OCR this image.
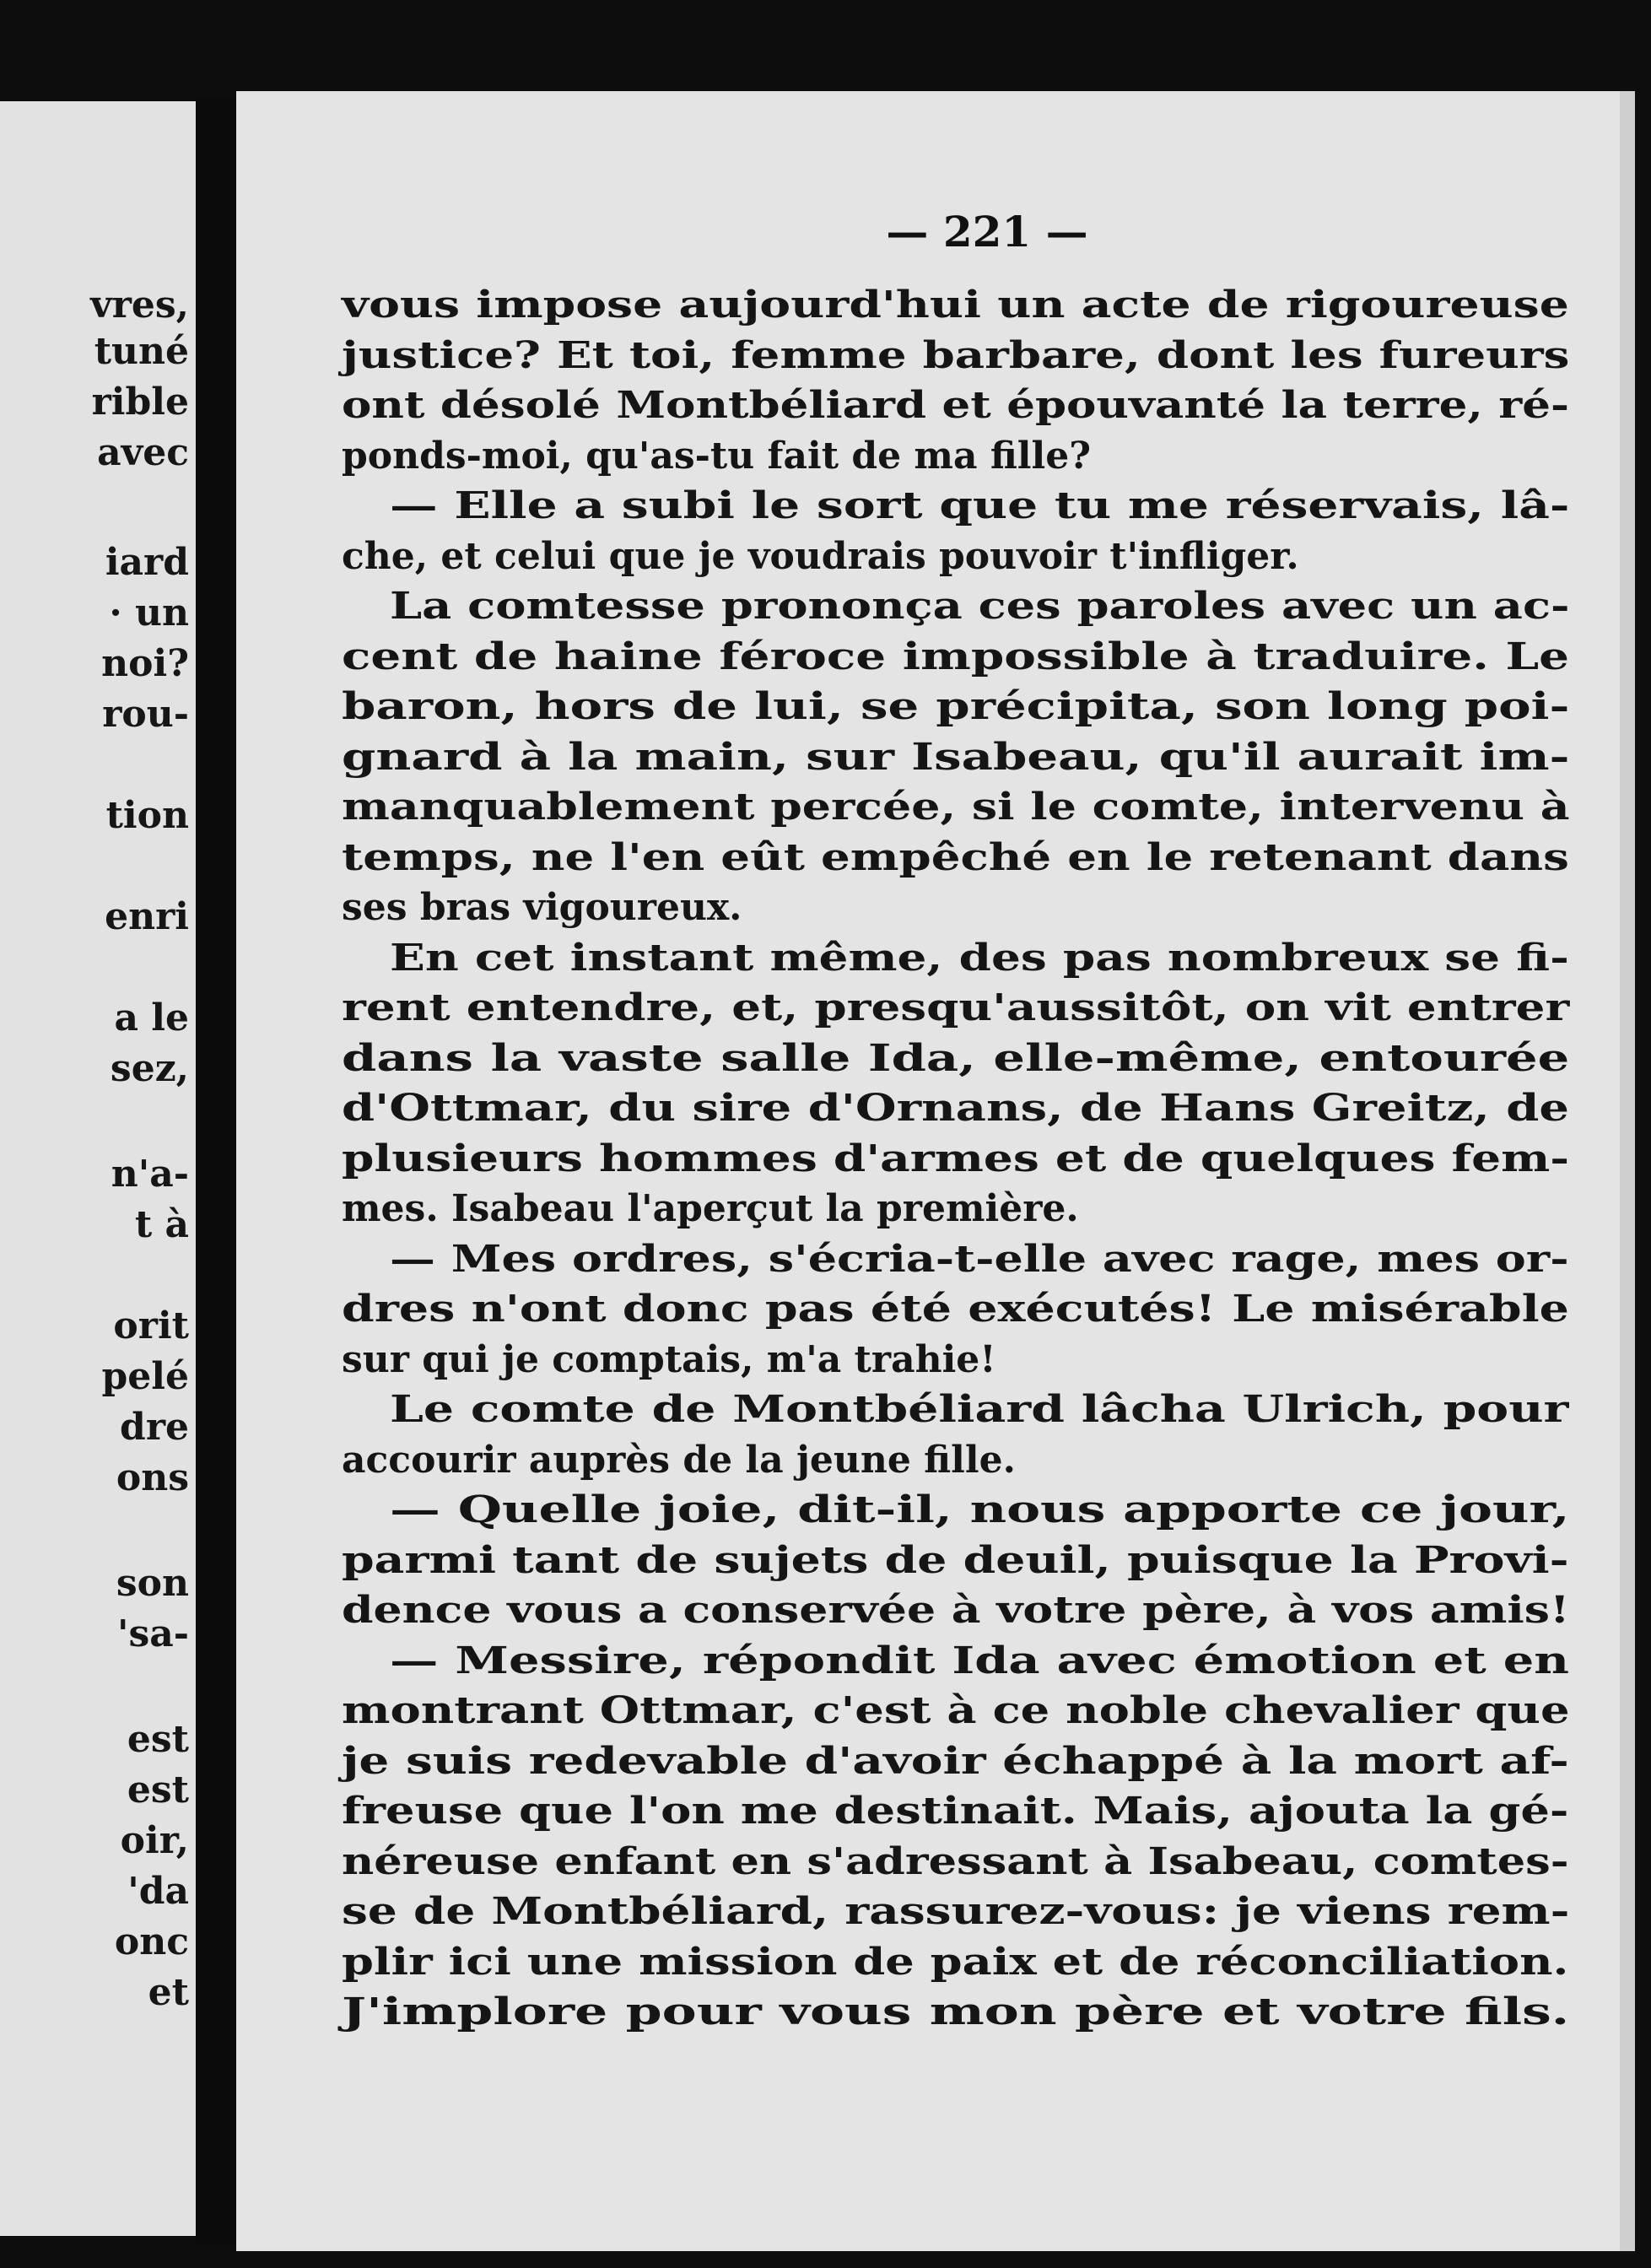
vres,
tuné
rible
avec
iard
· un
noi?
rou-
tion
enri
a le
sez,
n'a-
t à
orit
pelé
dre
ons
son
'sa-
est
est
oir,
'da
onc
et
— 221 —
vous impose aujourd'hui un acte de rigoureuse
justice? Et toi, femme barbare, dont les fureurs
ont désolé Montbéliard et épouvanté la terre, ré-
ponds-moi, qu'as-tu fait de ma fille?
— Elle a subi le sort que tu me réservais, lâ-
che, et celui que je voudrais pouvoir t'infliger.
La comtesse prononça ces paroles avec un ac-
cent de haine féroce impossible à traduire. Le
baron, hors de lui, se précipita, son long poi-
gnard à la main, sur Isabeau, qu'il aurait im-
manquablement percée, si le comte, intervenu à
temps, ne l'en eût empêché en le retenant dans
ses bras vigoureux.
En cet instant même, des pas nombreux se fi-
rent entendre, et, presqu'aussitôt, on vit entrer
dans la vaste salle Ida, elle-même, entourée
d'Ottmar, du sire d'Ornans, de Hans Greitz, de
plusieurs hommes d'armes et de quelques fem-
mes. Isabeau l'aperçut la première.
— Mes ordres, s'écria-t-elle avec rage, mes or-
dres n'ont donc pas été exécutés! Le misérable
sur qui je comptais, m'a trahie!
Le comte de Montbéliard lâcha Ulrich, pour
accourir auprès de la jeune fille.
— Quelle joie, dit-il, nous apporte ce jour,
parmi tant de sujets de deuil, puisque la Provi-
dence vous a conservée à votre père, à vos amis!
— Messire, répondit Ida avec émotion et en
montrant Ottmar, c'est à ce noble chevalier que
je suis redevable d'avoir échappé à la mort af-
freuse que l'on me destinait. Mais, ajouta la gé-
néreuse enfant en s'adressant à Isabeau, comtes-
se de Montbéliard, rassurez-vous: je viens rem-
plir ici une mission de paix et de réconciliation.
J'implore pour vous mon père et votre fils.
